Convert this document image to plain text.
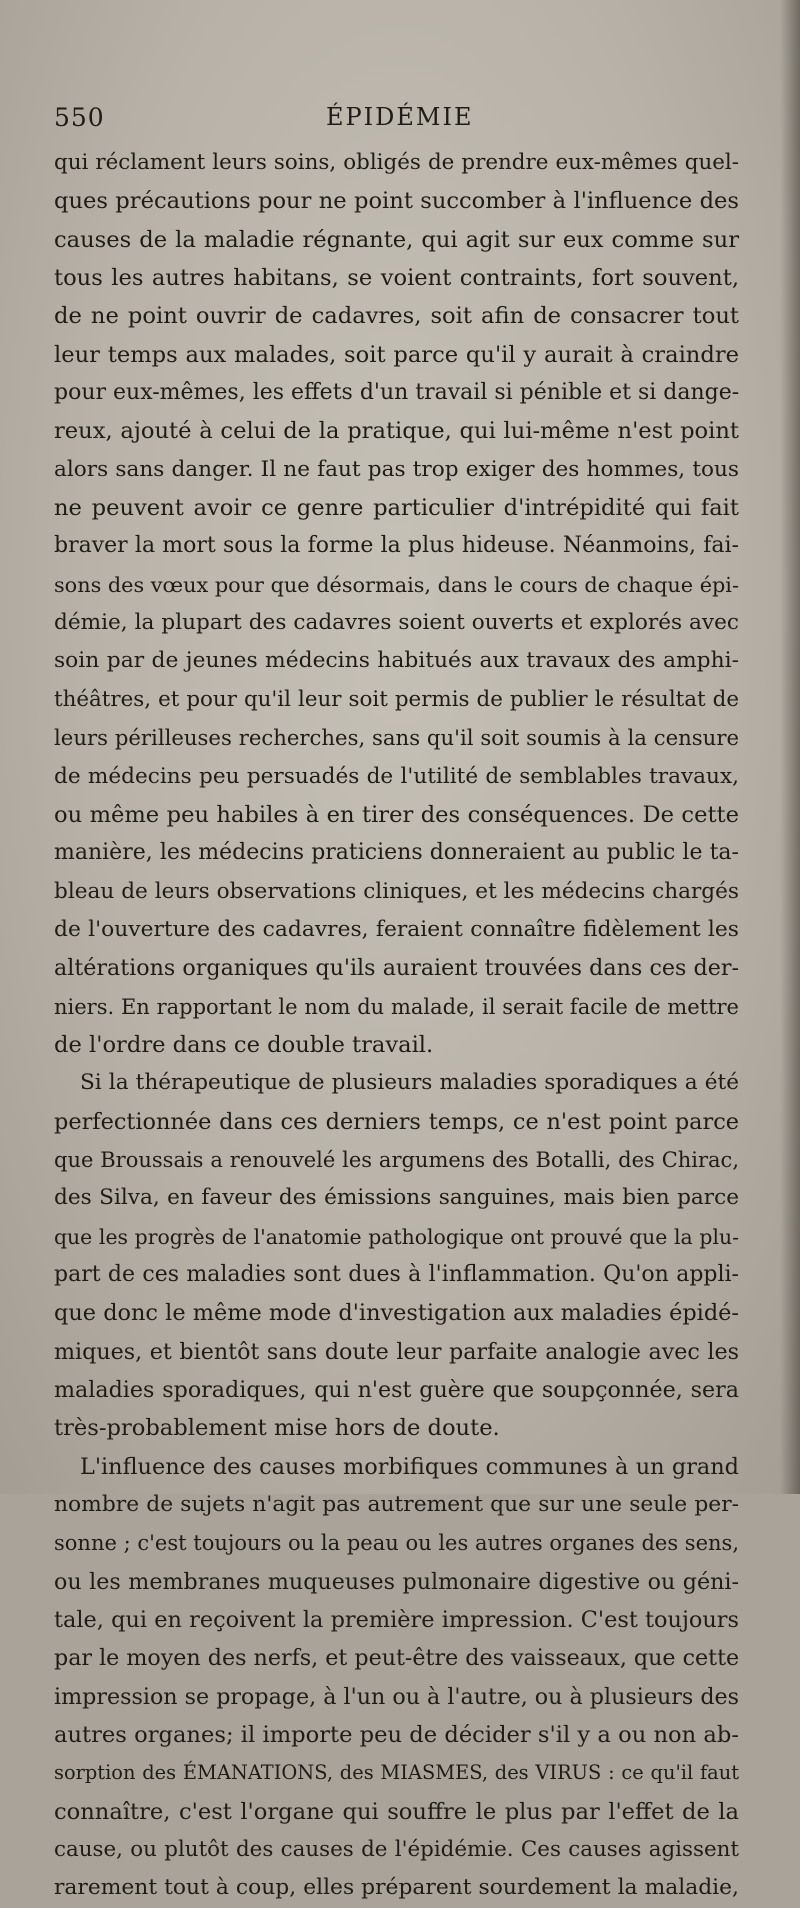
550	ÉPIDÉMIE
qui réclament leurs soins, obligés de prendre eux-mêmes quel-
ques précautions pour ne point succomber à l'influence des
causes de la maladie régnante, qui agit sur eux comme sur
tous les autres habitans, se voient contraints, fort souvent,
de ne point ouvrir de cadavres, soit afin de consacrer tout
leur temps aux malades, soit parce qu'il y aurait à craindre
pour eux-mêmes, les effets d'un travail si pénible et si dange-
reux, ajouté à celui de la pratique, qui lui-même n'est point
alors sans danger. Il ne faut pas trop exiger des hommes, tous
ne peuvent avoir ce genre particulier d'intrépidité qui fait
braver la mort sous la forme la plus hideuse. Néanmoins, fai-
sons des vœux pour que désormais, dans le cours de chaque épi-
démie, la plupart des cadavres soient ouverts et explorés avec
soin par de jeunes médecins habitués aux travaux des amphi-
théâtres, et pour qu'il leur soit permis de publier le résultat de
leurs périlleuses recherches, sans qu'il soit soumis à la censure
de médecins peu persuadés de l'utilité de semblables travaux,
ou même peu habiles à en tirer des conséquences. De cette
manière, les médecins praticiens donneraient au public le ta-
bleau de leurs observations cliniques, et les médecins chargés
de l'ouverture des cadavres, feraient connaître fidèlement les
altérations organiques qu'ils auraient trouvées dans ces der-
niers. En rapportant le nom du malade, il serait facile de mettre
de l'ordre dans ce double travail.
Si la thérapeutique de plusieurs maladies sporadiques a été
perfectionnée dans ces derniers temps, ce n'est point parce
que Broussais a renouvelé les argumens des Botalli, des Chirac,
des Silva, en faveur des émissions sanguines, mais bien parce
que les progrès de l'anatomie pathologique ont prouvé que la plu-
part de ces maladies sont dues à l'inflammation. Qu'on appli-
que donc le même mode d'investigation aux maladies épidé-
miques, et bientôt sans doute leur parfaite analogie avec les
maladies sporadiques, qui n'est guère que soupçonnée, sera
très-probablement mise hors de doute.
L'influence des causes morbifiques communes à un grand
nombre de sujets n'agit pas autrement que sur une seule per-
sonne ; c'est toujours ou la peau ou les autres organes des sens,
ou les membranes muqueuses pulmonaire digestive ou géni-
tale, qui en reçoivent la première impression. C'est toujours
par le moyen des nerfs, et peut-être des vaisseaux, que cette
impression se propage, à l'un ou à l'autre, ou à plusieurs des
autres organes; il importe peu de décider s'il y a ou non ab-
sorption des ÉMANATIONS, des MIASMES, des VIRUS : ce qu'il faut
connaître, c'est l'organe qui souffre le plus par l'effet de la
cause, ou plutôt des causes de l'épidémie. Ces causes agissent
rarement tout à coup, elles préparent sourdement la maladie,
